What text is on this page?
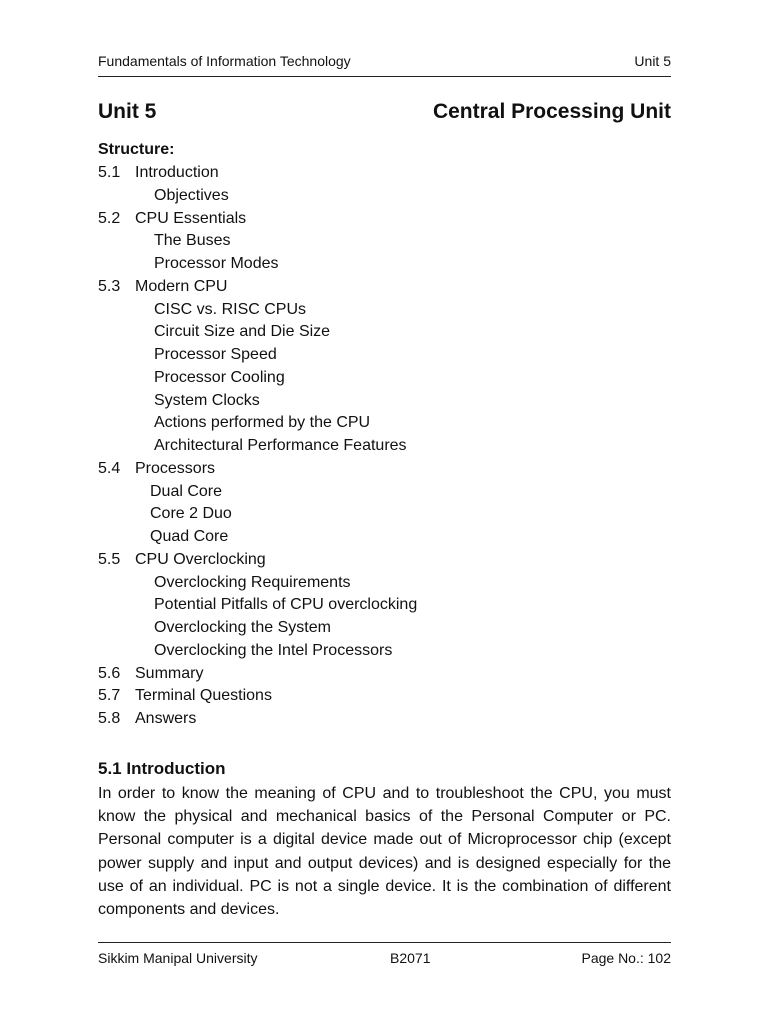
Fundamentals of Information Technology	Unit 5
Unit 5	Central Processing Unit
Structure:
5.1 Introduction
Objectives
5.2 CPU Essentials
The Buses
Processor Modes
5.3 Modern CPU
CISC vs. RISC CPUs
Circuit Size and Die Size
Processor Speed
Processor Cooling
System Clocks
Actions performed by the CPU
Architectural Performance Features
5.4 Processors
Dual Core
Core 2 Duo
Quad Core
5.5 CPU Overclocking
Overclocking Requirements
Potential Pitfalls of CPU overclocking
Overclocking the System
Overclocking the Intel Processors
5.6 Summary
5.7 Terminal Questions
5.8 Answers
5.1 Introduction
In order to know the meaning of CPU and to troubleshoot the CPU, you must know the physical and mechanical basics of the Personal Computer or PC. Personal computer is a digital device made out of Microprocessor chip (except power supply and input and output devices) and is designed especially for the use of an individual. PC is not a single device. It is the combination of different components and devices.
Sikkim Manipal University	B2071	Page No.: 102
